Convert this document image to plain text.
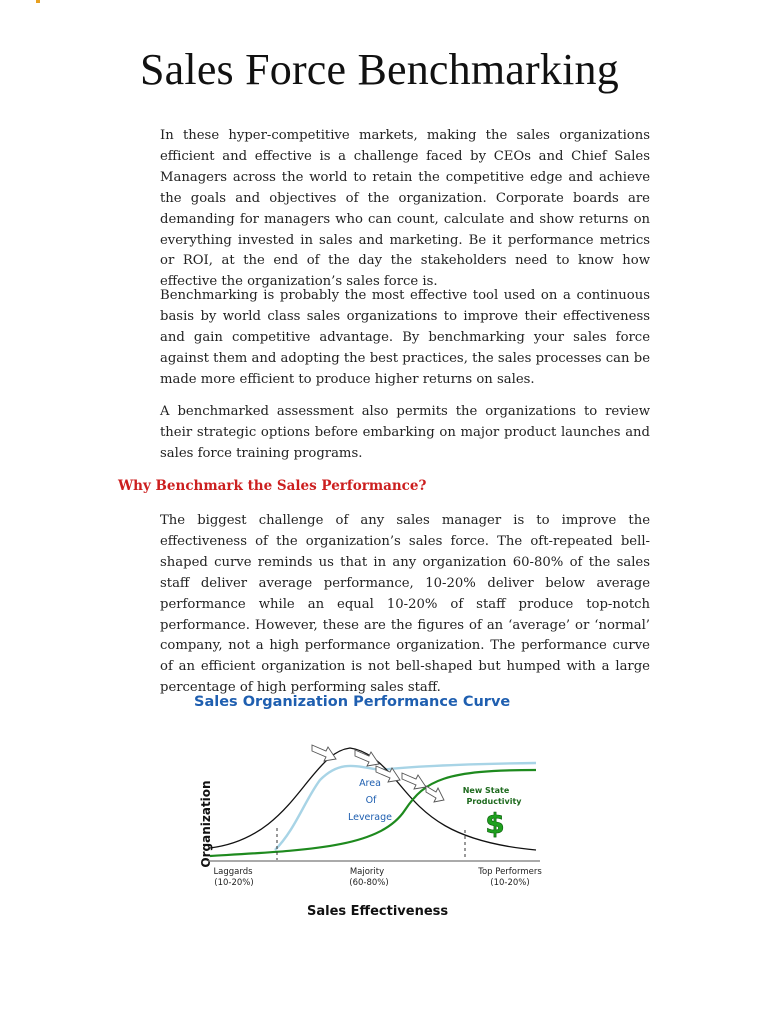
Sales Force Benchmarking

In these hyper-competitive markets, making the sales organizations efficient and effective is a challenge faced by CEOs and Chief Sales Managers across the world to retain the competitive edge and achieve the goals and objectives of the organization. Corporate boards are demanding for managers who can count, calculate and show returns on everything invested in sales and marketing. Be it performance metrics or ROI, at the end of the day the stakeholders need to know how effective the organization’s sales force is.

Benchmarking is probably the most effective tool used on a continuous basis by world class sales organizations to improve their effectiveness and gain competitive advantage. By benchmarking your sales force against them and adopting the best practices, the sales processes can be made more efficient to produce higher returns on sales.

A benchmarked assessment also permits the organizations to review their strategic options before embarking on major product launches and sales force training programs.

Why Benchmark the Sales Performance?

The biggest challenge of any sales manager is to improve the effectiveness of the organization’s sales force. The oft-repeated bell-shaped curve reminds us that in any organization 60-80% of the sales staff deliver average performance, 10-20% deliver below average performance while an equal 10-20% of staff produce top-notch performance. However, these are the figures of an ‘average’ or ‘normal’ company, not a high performance organization. The performance curve of an efficient organization is not bell-shaped but humped with a large percentage of high performing sales staff.

Sales Organization Performance Curve
Organization	Area
Of
Leverage
New State
Productivity
$
Laggards
(10-20%)
Majority
(60-80%)
Top Performers
(10-20%)
Sales Effectiveness
